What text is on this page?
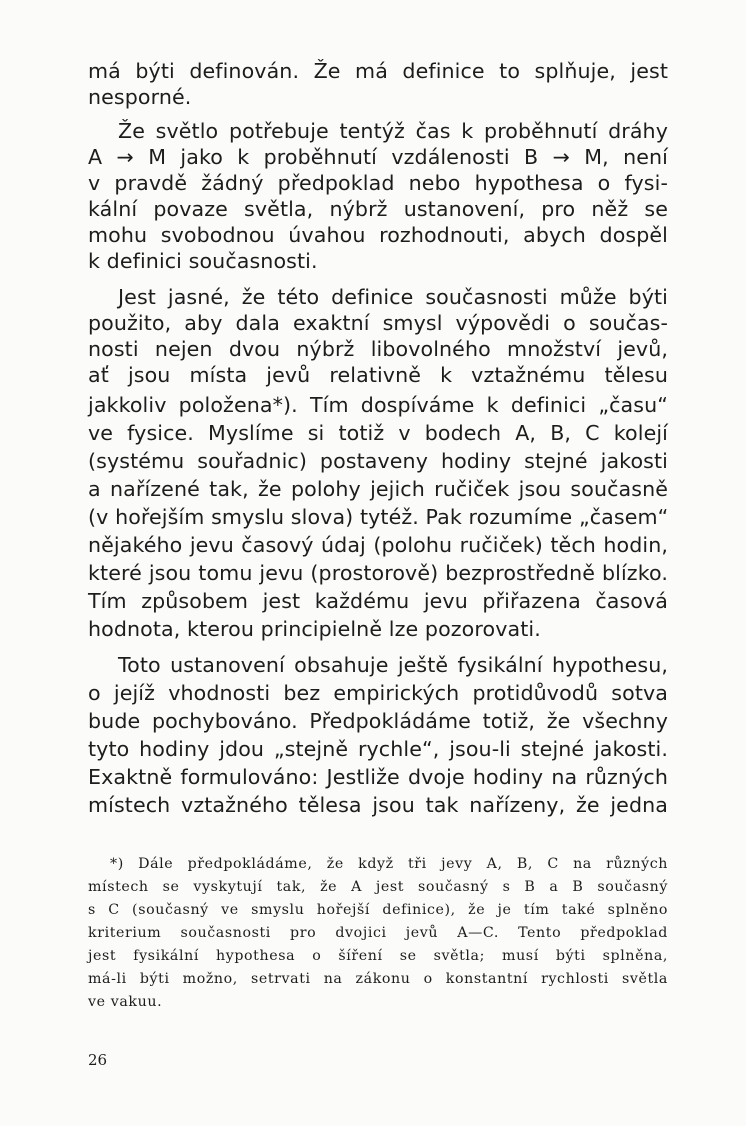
má býti definován. Že má definice to splňuje, jest
nesporné.
Že světlo potřebuje tentýž čas k proběhnutí dráhy
A → M jako k proběhnutí vzdálenosti B → M, není
v pravdě žádný předpoklad nebo hypothesa o fysi-
kální povaze světla, nýbrž ustanovení, pro něž se
mohu svobodnou úvahou rozhodnouti, abych dospěl
k definici současnosti.
Jest jasné, že této definice současnosti může býti
použito, aby dala exaktní smysl výpovědi o součas-
nosti nejen dvou nýbrž libovolného množství jevů,
ať jsou místa jevů relativně k vztažnému tělesu
jakkoliv položena*). Tím dospíváme k definici „času“
ve fysice. Myslíme si totiž v bodech A, B, C kolejí
(systému souřadnic) postaveny hodiny stejné jakosti
a nařízené tak, že polohy jejich ručiček jsou současně
(v hořejším smyslu slova) tytéž. Pak rozumíme „časem“
nějakého jevu časový údaj (polohu ručiček) těch hodin,
které jsou tomu jevu (prostorově) bezprostředně blízko.
Tím způsobem jest každému jevu přiřazena časová
hodnota, kterou principielně lze pozorovati.
Toto ustanovení obsahuje ještě fysikální hypothesu,
o jejíž vhodnosti bez empirických protidůvodů sotva
bude pochybováno. Předpokládáme totiž, že všechny
tyto hodiny jdou „stejně rychle“, jsou-li stejné jakosti.
Exaktně formulováno: Jestliže dvoje hodiny na různých
místech vztažného tělesa jsou tak nařízeny, že jedna
*) Dále předpokládáme, že když tři jevy A, B, C na různých
místech se vyskytují tak, že A jest současný s B a B současný
s C (současný ve smyslu hořejší definice), že je tím také splněno
kriterium současnosti pro dvojici jevů A—C. Tento předpoklad
jest fysikální hypothesa o šíření se světla; musí býti splněna,
má-li býti možno, setrvati na zákonu o konstantní rychlosti světla
ve vakuu.
26
